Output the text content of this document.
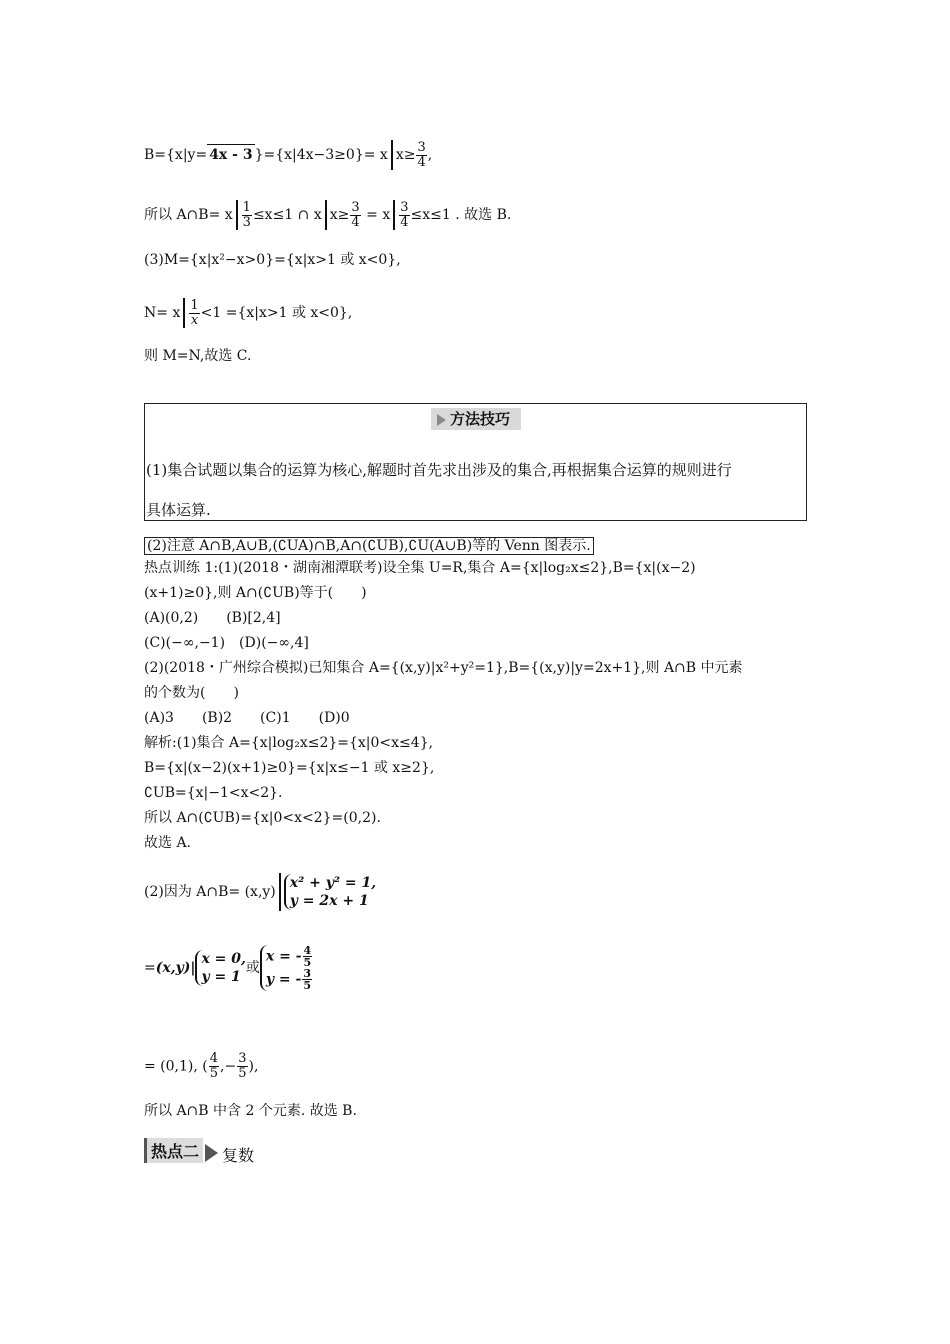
B={x|y= 4x - 3 }={x|4x−3≥0}= x $x\ge \frac{3}{4}$ ,
所以 A∩B= x $\frac{1}{3} \le x\le 1$ ∩ x $x\ge \frac{3}{4} = x \frac{3}{4} \le x\le 1$ . 故选 B.
(3)M={x|x²−x>0}={x|x>1 或 x<0},
N= x $\frac{1}{x} <1 =\{x|x>1$ 或 x<0},
则 M=N,故选 C.
方法技巧
(1)集合试题以集合的运算为核心,解题时首先求出涉及的集合,再根据集合运算的规则进行
具体运算.
(2)注意 A∩B,A∪B,(∁UA)∩B,A∩(∁UB),∁U(A∪B)等的 Venn 图表示.
热点训练 1:(1)(2018・湖南湘潭联考)设全集 U=R,集合 A={x|log₂x≤2},B={x|(x−2)
(x+1)≥0},则 A∩(∁UB)等于(　　)
(A)(0,2)　　(B)[2,4]
(C)(−∞,−1)　(D)(−∞,4]
(2)(2018・广州综合模拟)已知集合 A={(x,y)|x²+y²=1},B={(x,y)|y=2x+1},则 A∩B 中元素
的个数为(　　)
(A)3　　(B)2　　(C)1　　(D)0
解析:(1)集合 A={x|log₂x≤2}={x|0<x≤4},
B={x|(x−2)(x+1)≥0}={x|x≤−1 或 x≥2},
∁UB={x|−1<x<2}.
所以 A∩(∁UB)={x|0<x<2}=(0,2).
故选 A.
(2)因为 A∩B= (x,y)
x² + y² = 1,
y = 2x + 1
=(x,y)|
x = 0,
y = 1
或
x = - $\frac{4}{5}$
y = - $\frac{3}{5}$
= (0,1), ( $\frac{4}{5}$ ,− $\frac{3}{5}$ ),
所以 A∩B 中含 2 个元素. 故选 B.
热点二 复数
